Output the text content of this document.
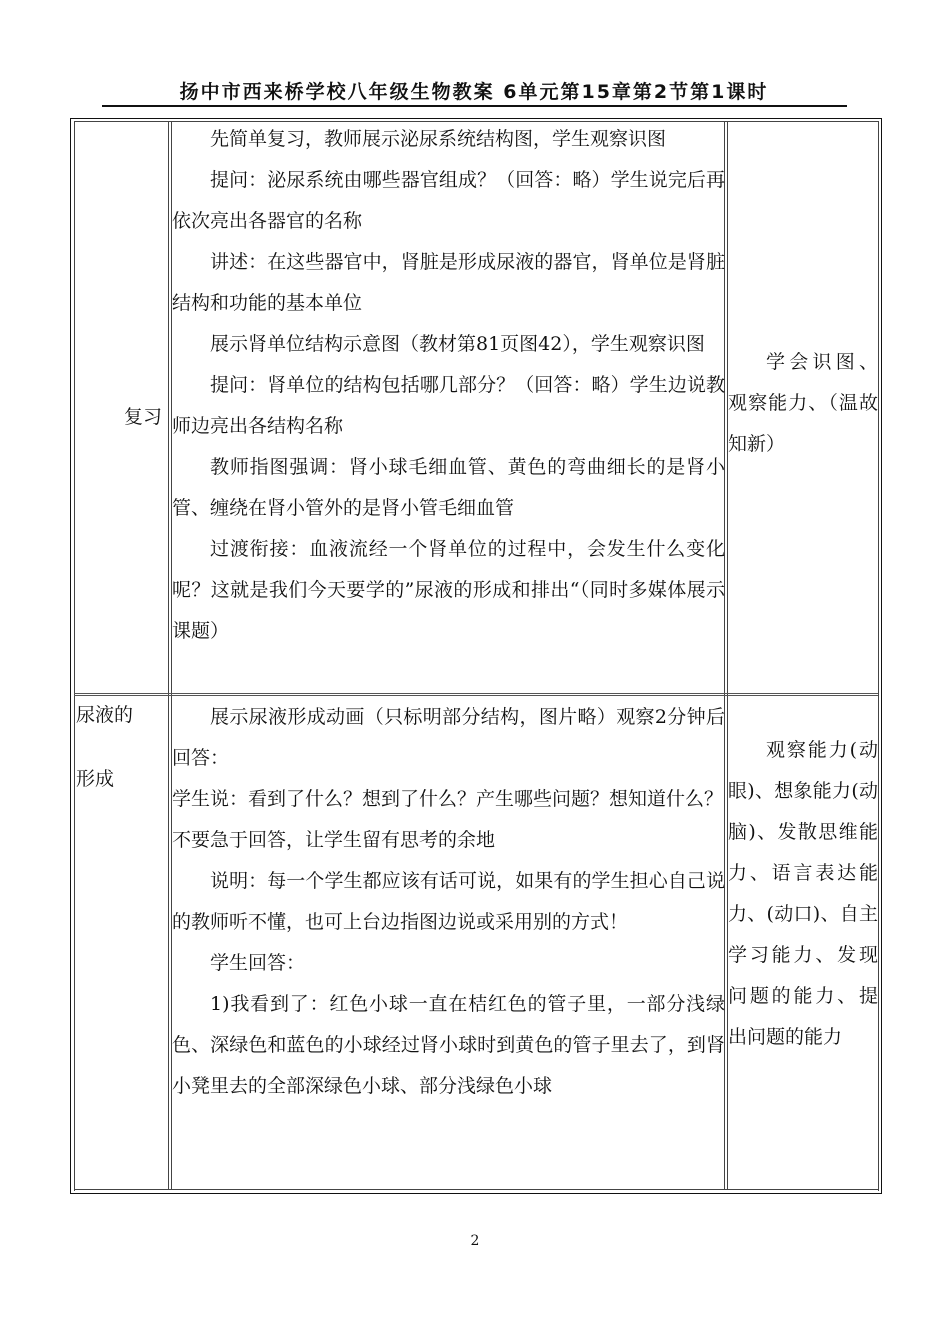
扬中市西来桥学校八年级生物教案 6单元第15章第2节第1课时
复习

先简单复习，教师展示泌尿系统结构图，学生观察识图

提问：泌尿系统由哪些器官组成？（回答：略）学生说完后再依次亮出各器官的名称

讲述：在这些器官中，肾脏是形成尿液的器官，肾单位是肾脏结构和功能的基本单位

展示肾单位结构示意图（教材第81页图42），学生观察识图

提问：肾单位的结构包括哪几部分？（回答：略）学生边说教师边亮出各结构名称

教师指图强调：肾小球毛细血管、黄色的弯曲细长的是肾小管、缠绕在肾小管外的是肾小管毛细血管

过渡衔接：血液流经一个肾单位的过程中，会发生什么变化呢？这就是我们今天要学的”尿液的形成和排出“（同时多媒体展示课题）

学会识图、观察能力、（温故知新）

尿液的
形成

展示尿液形成动画（只标明部分结构，图片略）观察2分钟后回答：

学生说：看到了什么？想到了什么？产生哪些问题？想知道什么？

不要急于回答，让学生留有思考的余地

说明：每一个学生都应该有话可说，如果有的学生担心自己说的教师听不懂，也可上台边指图边说或采用别的方式！

学生回答：

1)我看到了：红色小球一直在桔红色的管子里，一部分浅绿色、深绿色和蓝色的小球经过肾小球时到黄色的管子里去了，到肾小凳里去的全部深绿色小球、部分浅绿色小球

观察能力(动眼)、想象能力(动脑)、发散思维能力、语言表达能力、(动口)、自主学习能力、发现问题的能力、提出问题的能力

2
